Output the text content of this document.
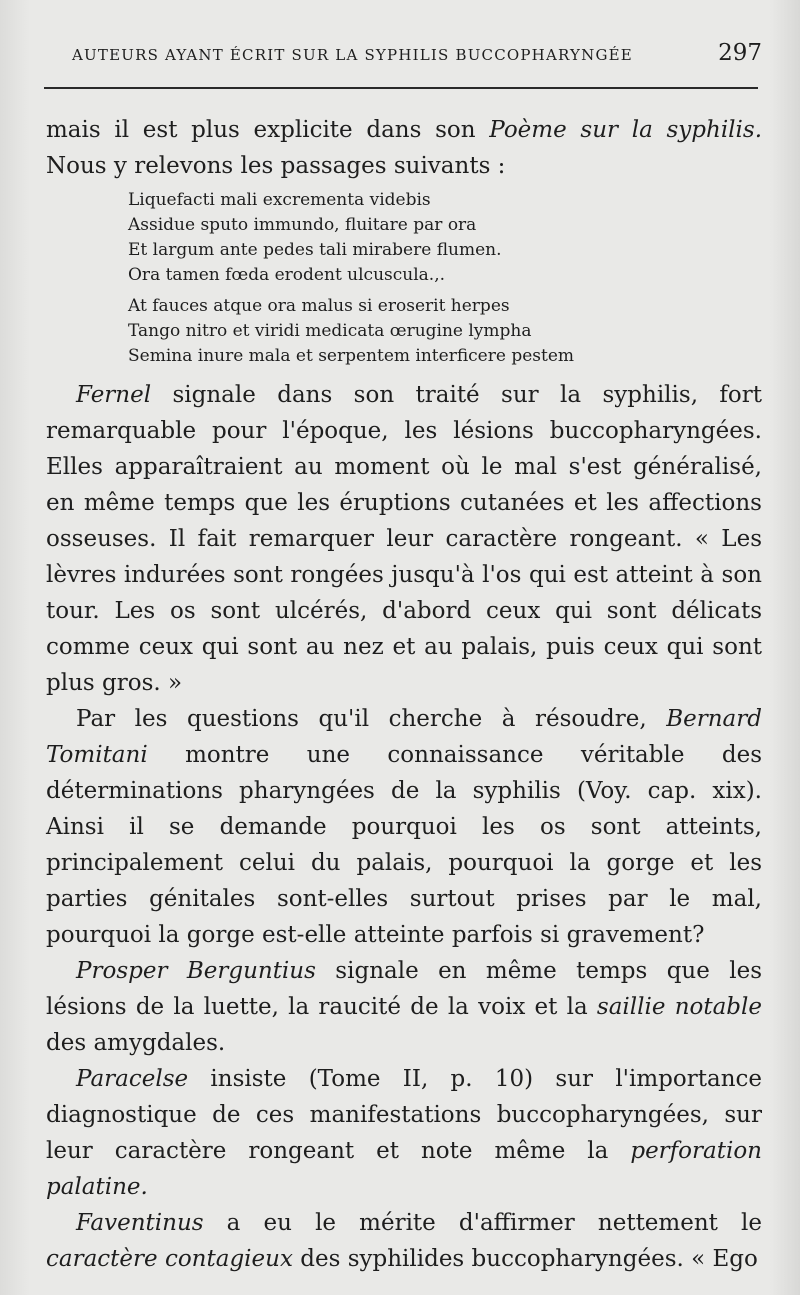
AUTEURS AYANT ÉCRIT SUR LA SYPHILIS BUCCOPHARYNGÉE	297

mais il est plus explicite dans son Poème sur la syphilis. Nous y relevons les passages suivants :

Liquefacti mali excrementa videbis
Assidue sputo immundo, fluitare par ora
Et largum ante pedes tali mirabere flumen.
Ora tamen fœda erodent ulcuscula.,.
At fauces atque ora malus si eroserit herpes
Tango nitro et viridi medicata œrugine lympha
Semina inure mala et serpentem interficere pestem

Fernel signale dans son traité sur la syphilis, fort remarquable pour l'époque, les lésions buccopharyngées. Elles apparaîtraient au moment où le mal s'est généralisé, en même temps que les éruptions cutanées et les affections osseuses. Il fait remarquer leur caractère rongeant. « Les lèvres indurées sont rongées jusqu'à l'os qui est atteint à son tour. Les os sont ulcérés, d'abord ceux qui sont délicats comme ceux qui sont au nez et au palais, puis ceux qui sont plus gros. »

Par les questions qu'il cherche à résoudre, Bernard Tomitani montre une connaissance véritable des déterminations pharyngées de la syphilis (Voy. cap. xix). Ainsi il se demande pourquoi les os sont atteints, principalement celui du palais, pourquoi la gorge et les parties génitales sont-elles surtout prises par le mal, pourquoi la gorge est-elle atteinte parfois si gravement?

Prosper Berguntius signale en même temps que les lésions de la luette, la raucité de la voix et la saillie notable des amygdales.

Paracelse insiste (Tome II, p. 10) sur l'importance diagnostique de ces manifestations buccopharyngées, sur leur caractère rongeant et note même la perforation palatine.

Faventinus a eu le mérite d'affirmer nettement le caractère contagieux des syphilides buccopharyngées. « Ego
